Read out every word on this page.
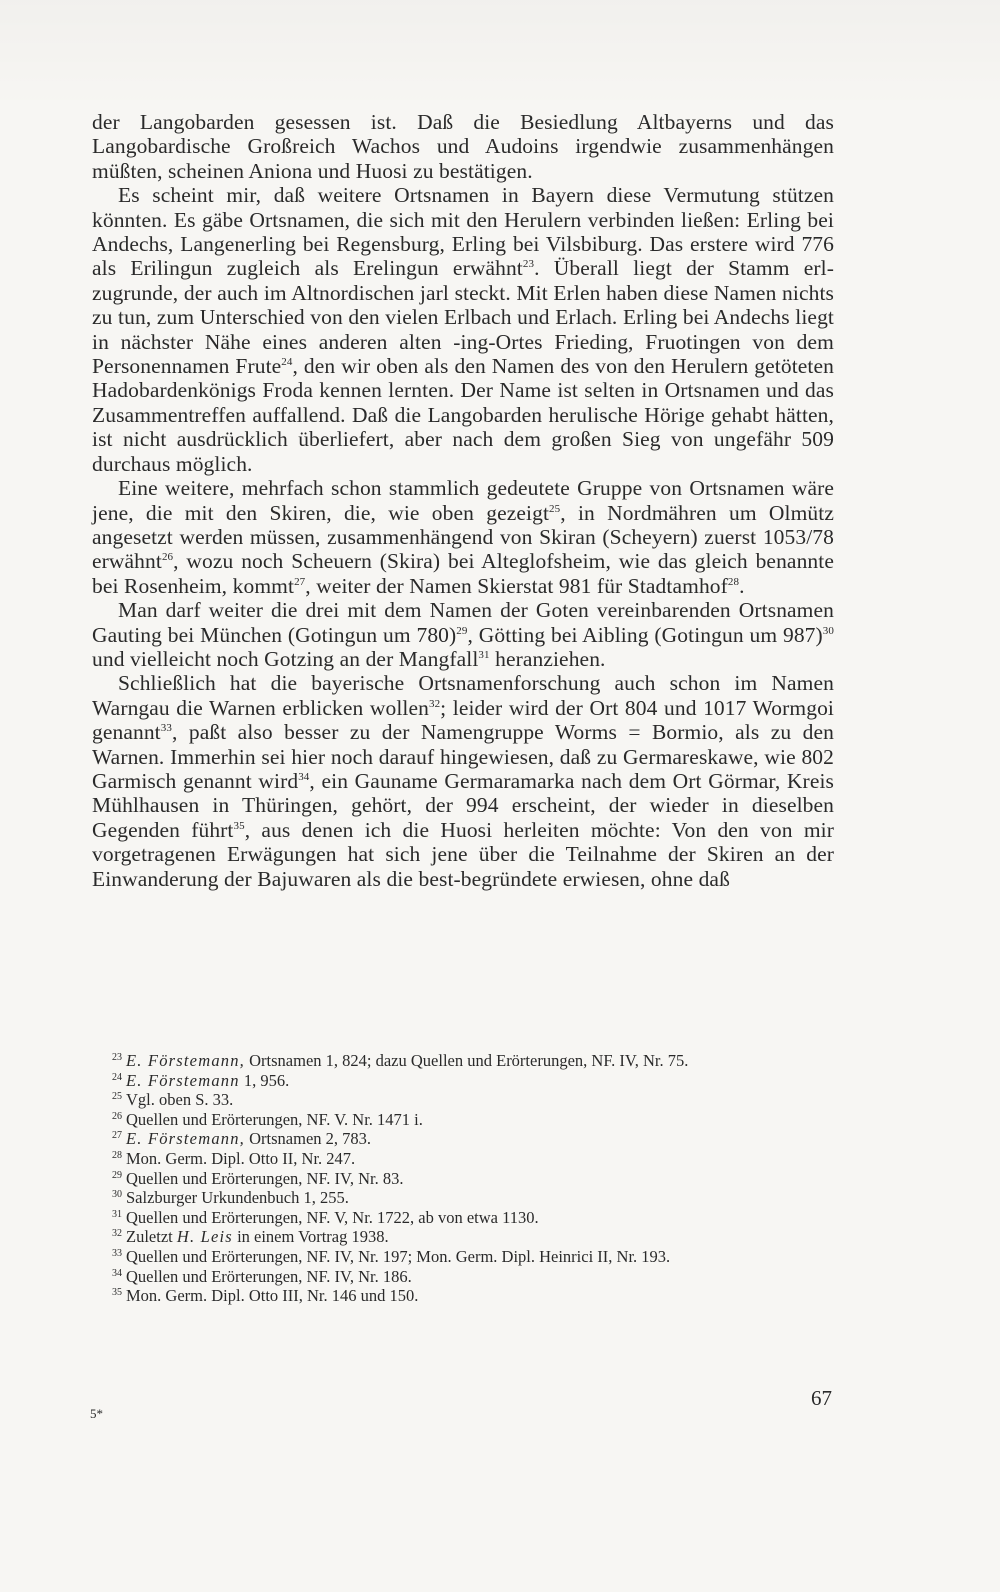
der Langobarden gesessen ist. Daß die Besiedlung Altbayerns und das Langobardische Großreich Wachos und Audoins irgendwie zusammenhängen müßten, scheinen Aniona und Huosi zu bestätigen.

Es scheint mir, daß weitere Ortsnamen in Bayern diese Vermutung stützen könnten. Es gäbe Ortsnamen, die sich mit den Herulern verbinden ließen: Erling bei Andechs, Langenerling bei Regensburg, Erling bei Vilsbiburg. Das erstere wird 776 als Erilingun zugleich als Erelingun erwähnt$^{23}$. Überall liegt der Stamm erl- zugrunde, der auch im Altnordischen jarl steckt. Mit Erlen haben diese Namen nichts zu tun, zum Unterschied von den vielen Erlbach und Erlach. Erling bei Andechs liegt in nächster Nähe eines anderen alten -ing-Ortes Frieding, Fruotingen von dem Personennamen Frute$^{24}$, den wir oben als den Namen des von den Herulern getöteten Hadobardenkönigs Froda kennen lernten. Der Name ist selten in Ortsnamen und das Zusammentreffen auffallend. Daß die Langobarden herulische Hörige gehabt hätten, ist nicht ausdrücklich überliefert, aber nach dem großen Sieg von ungefähr 509 durchaus möglich.

Eine weitere, mehrfach schon stammlich gedeutete Gruppe von Ortsnamen wäre jene, die mit den Skiren, die, wie oben gezeigt$^{25}$, in Nordmähren um Olmütz angesetzt werden müssen, zusammenhängend von Skiran (Scheyern) zuerst 1053/78 erwähnt$^{26}$, wozu noch Scheuern (Skira) bei Alteglofsheim, wie das gleich benannte bei Rosenheim, kommt$^{27}$, weiter der Namen Skierstat 981 für Stadtamhof$^{28}$.

Man darf weiter die drei mit dem Namen der Goten vereinbarenden Ortsnamen Gauting bei München (Gotingun um 780)$^{29}$, Götting bei Aibling (Gotingun um 987)$^{30}$ und vielleicht noch Gotzing an der Mangfall$^{31}$ heranziehen.

Schließlich hat die bayerische Ortsnamenforschung auch schon im Namen Warngau die Warnen erblicken wollen$^{32}$; leider wird der Ort 804 und 1017 Wormgoi genannt$^{33}$, paßt also besser zu der Namengruppe Worms = Bormio, als zu den Warnen. Immerhin sei hier noch darauf hingewiesen, daß zu Germareskawe, wie 802 Garmisch genannt wird$^{34}$, ein Gauname Germaramarka nach dem Ort Görmar, Kreis Mühlhausen in Thüringen, gehört, der 994 erscheint, der wieder in dieselben Gegenden führt$^{35}$, aus denen ich die Huosi herleiten möchte: Von den von mir vorgetragenen Erwägungen hat sich jene über die Teilnahme der Skiren an der Einwanderung der Bajuwaren als die best-begründete erwiesen, ohne daß

$^{23}$ E. Förstemann, Ortsnamen 1, 824; dazu Quellen und Erörterungen, NF. IV, Nr. 75.

$^{24}$ E. Förstemann 1, 956.

$^{25}$ Vgl. oben S. 33.

$^{26}$ Quellen und Erörterungen, NF. V. Nr. 1471 i.

$^{27}$ E. Förstemann, Ortsnamen 2, 783.

$^{28}$ Mon. Germ. Dipl. Otto II, Nr. 247.

$^{29}$ Quellen und Erörterungen, NF. IV, Nr. 83.

$^{30}$ Salzburger Urkundenbuch 1, 255.

$^{31}$ Quellen und Erörterungen, NF. V, Nr. 1722, ab von etwa 1130.

$^{32}$ Zuletzt H. Leis in einem Vortrag 1938.

$^{33}$ Quellen und Erörterungen, NF. IV, Nr. 197; Mon. Germ. Dipl. Heinrici II, Nr. 193.

$^{34}$ Quellen und Erörterungen, NF. IV, Nr. 186.

$^{35}$ Mon. Germ. Dipl. Otto III, Nr. 146 und 150.

67
5*
